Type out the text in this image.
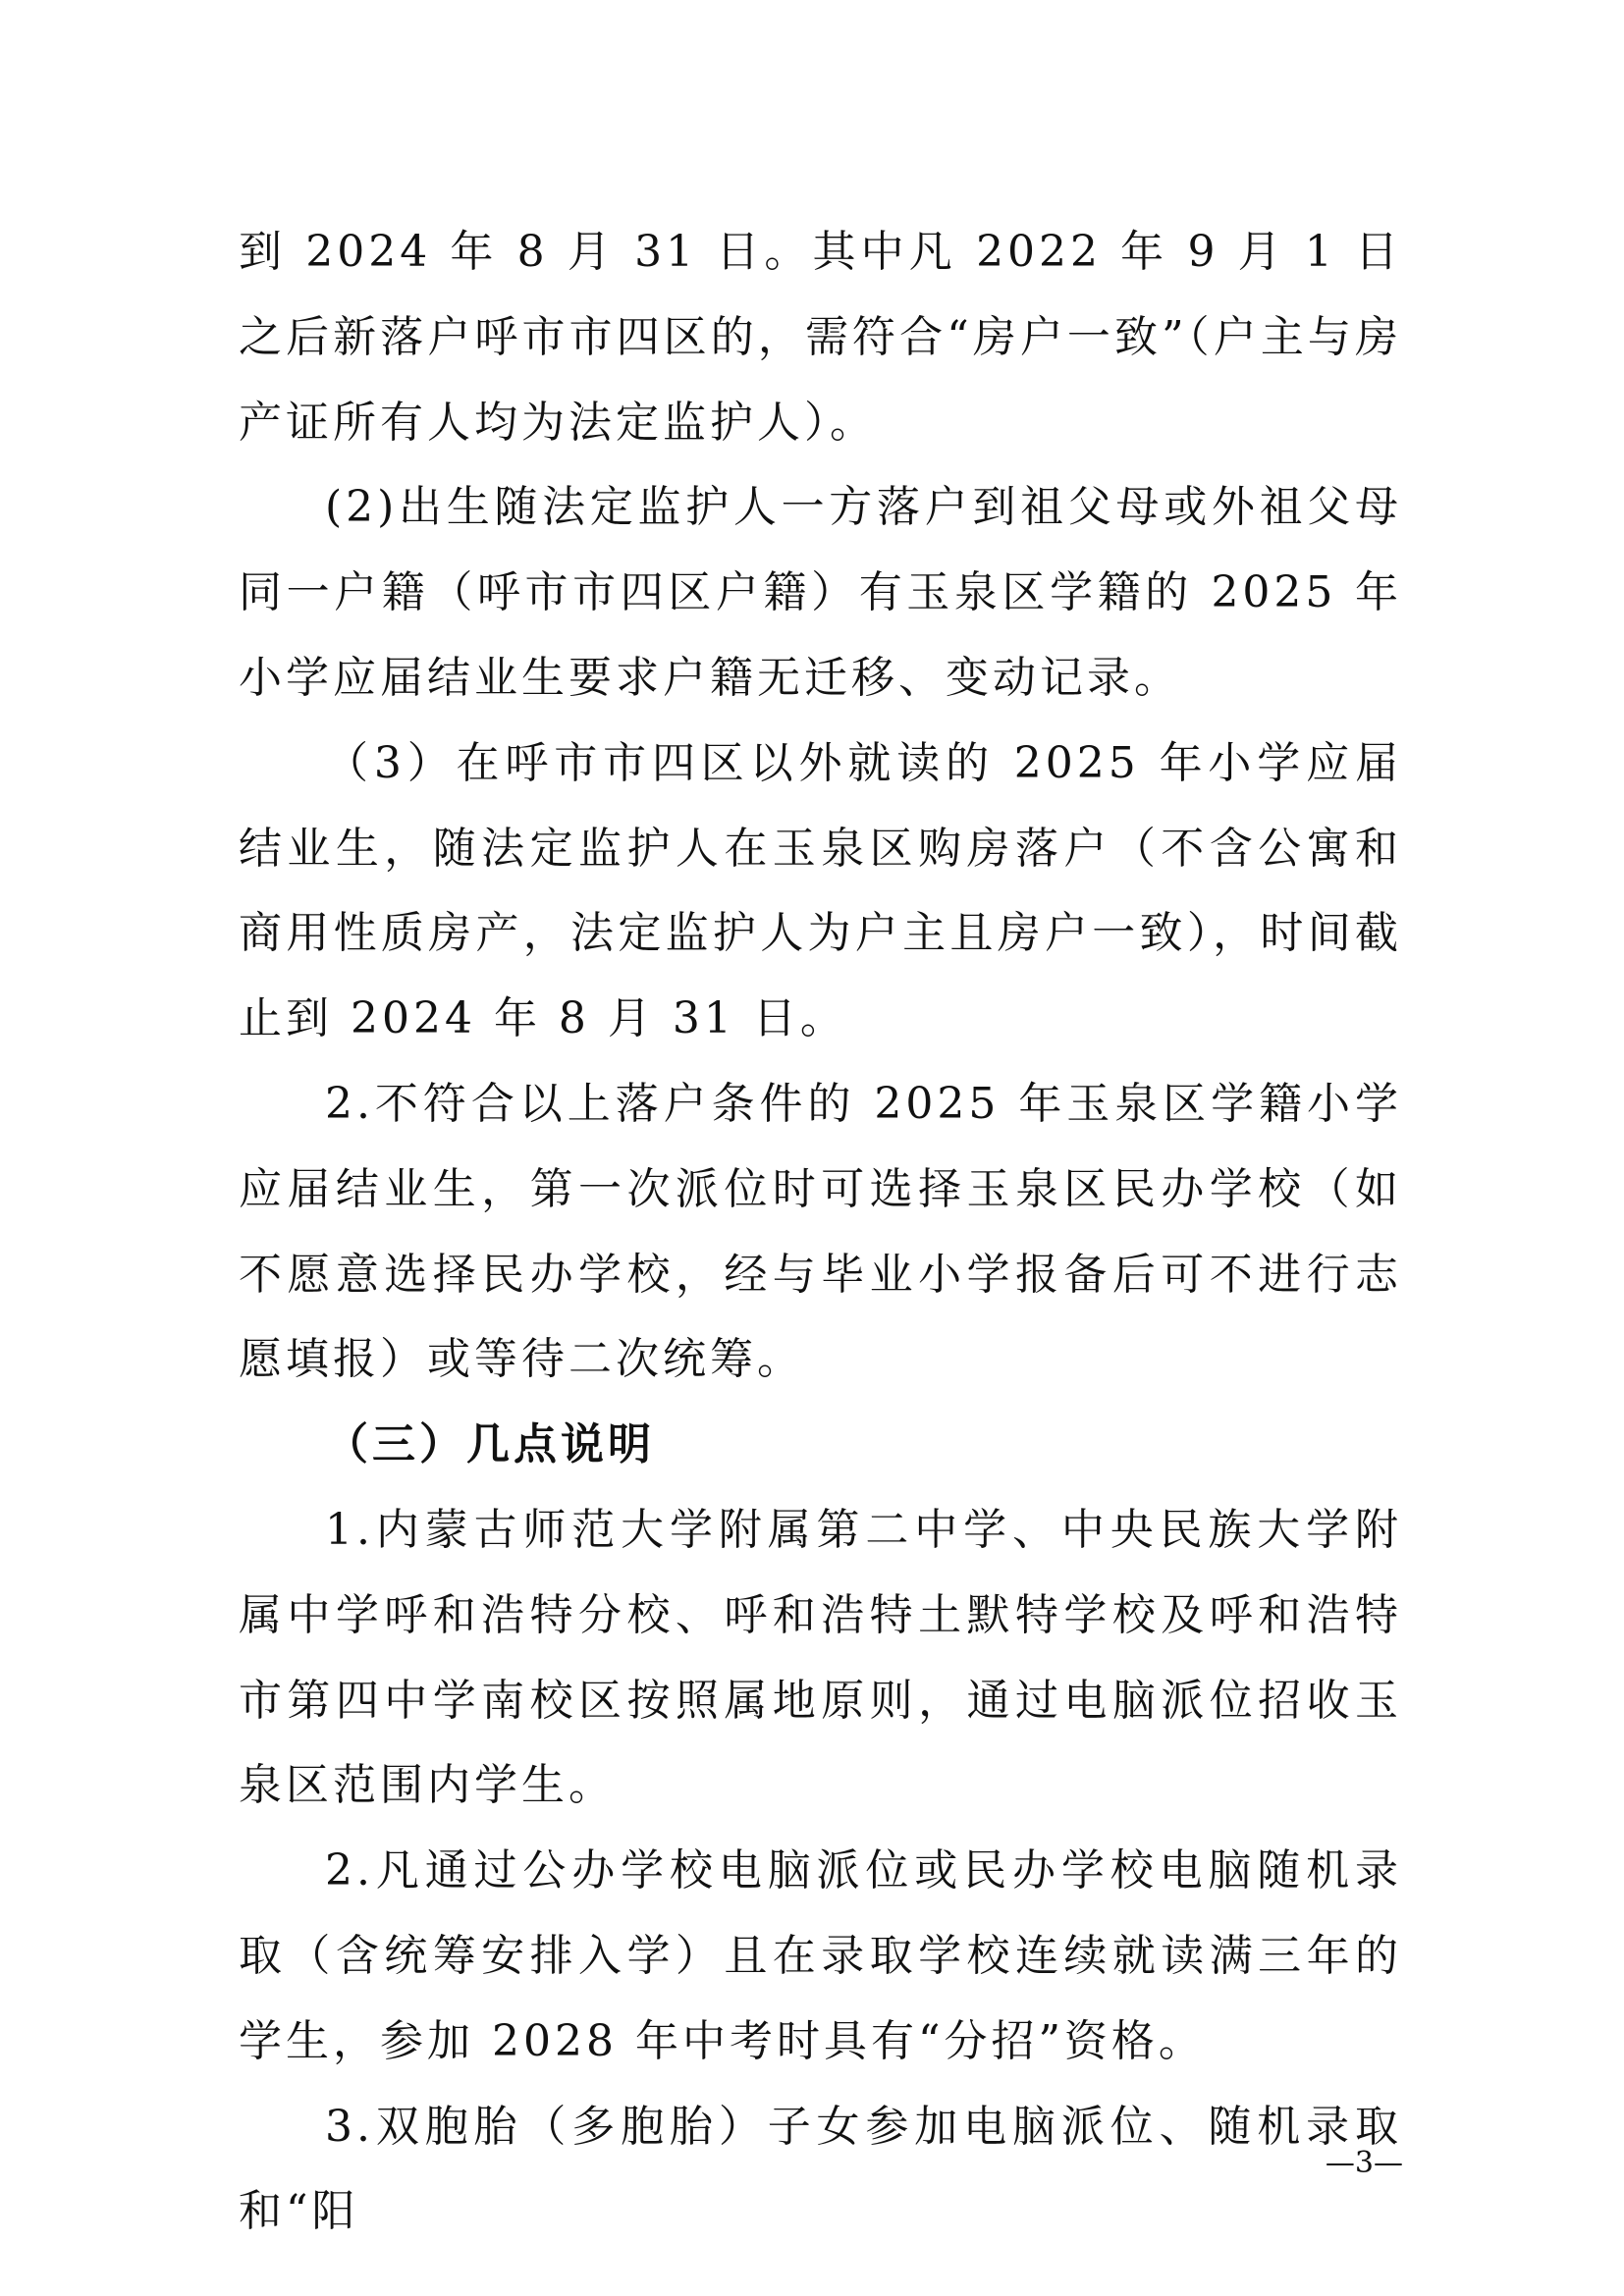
到 2024 年 8 月 31 日。其中凡 2022 年 9 月 1 日之后新落户呼市市四区的，需符合“房户一致”（户主与房产证所有人均为法定监护人）。

(2)出生随法定监护人一方落户到祖父母或外祖父母同一户籍（呼市市四区户籍）有玉泉区学籍的 2025 年小学应届结业生要求户籍无迁移、变动记录。

（3）在呼市市四区以外就读的 2025 年小学应届结业生，随法定监护人在玉泉区购房落户（不含公寓和商用性质房产，法定监护人为户主且房户一致），时间截止到 2024 年 8 月 31 日。

2.不符合以上落户条件的 2025 年玉泉区学籍小学应届结业生，第一次派位时可选择玉泉区民办学校（如不愿意选择民办学校，经与毕业小学报备后可不进行志愿填报）或等待二次统筹。

（三）几点说明

1.内蒙古师范大学附属第二中学、中央民族大学附属中学呼和浩特分校、呼和浩特土默特学校及呼和浩特市第四中学南校区按照属地原则，通过电脑派位招收玉泉区范围内学生。

2.凡通过公办学校电脑派位或民办学校电脑随机录取（含统筹安排入学）且在录取学校连续就读满三年的学生，参加 2028 年中考时具有“分招”资格。

3.双胞胎（多胞胎）子女参加电脑派位、随机录取和“阳

—3—
